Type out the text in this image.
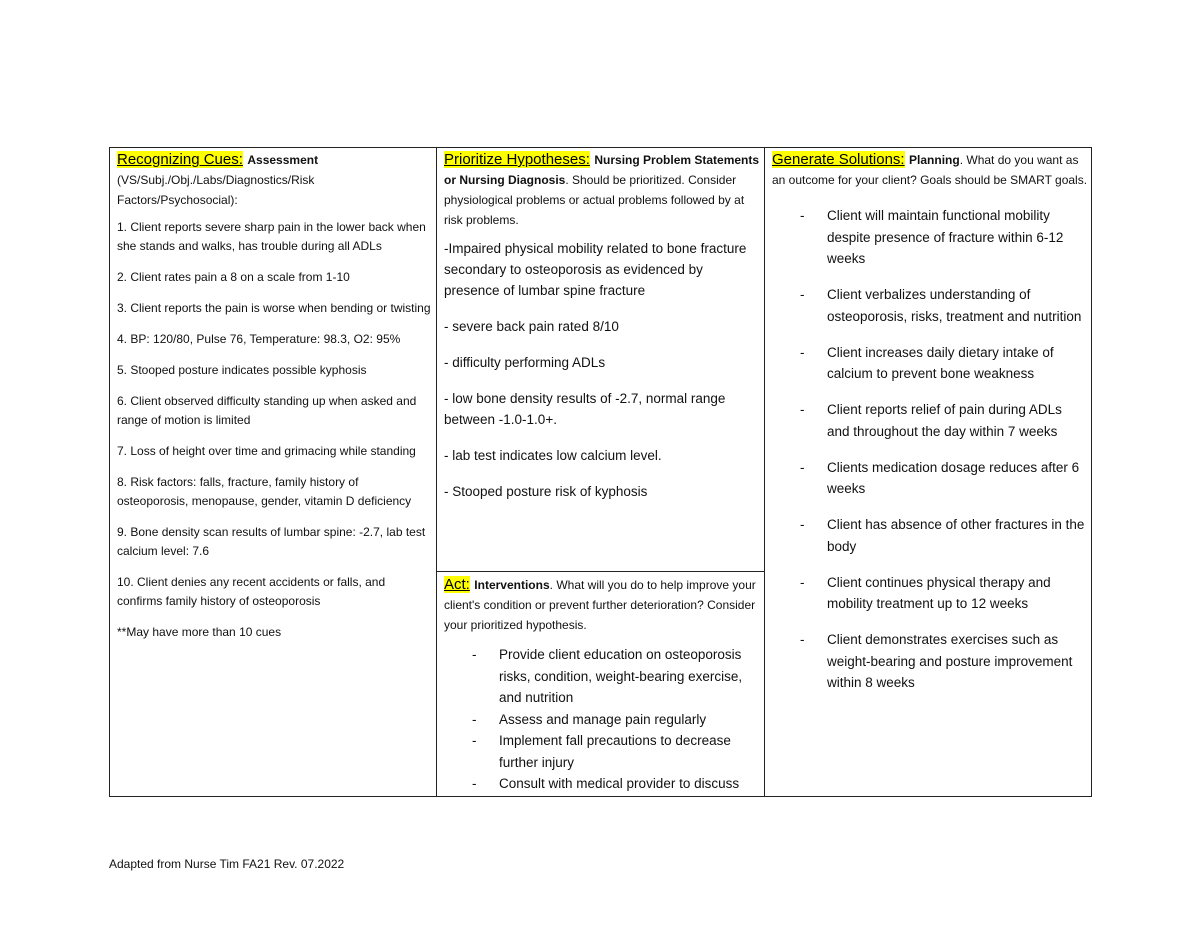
Recognizing Cues: Assessment
(VS/Subj./Obj./Labs/Diagnostics/Risk Factors/Psychosocial):

1. Client reports severe sharp pain in the lower back when she stands and walks, has trouble during all ADLs

2. Client rates pain a 8 on a scale from 1-10

3. Client reports the pain is worse when bending or twisting

4. BP: 120/80, Pulse 76, Temperature: 98.3, O2: 95%

5. Stooped posture indicates possible kyphosis

6. Client observed difficulty standing up when asked and range of motion is limited

7. Loss of height over time and grimacing while standing

8. Risk factors: falls, fracture, family history of osteoporosis, menopause, gender, vitamin D deficiency

9. Bone density scan results of lumbar spine: -2.7, lab test calcium level: 7.6

10. Client denies any recent accidents or falls, and confirms family history of osteoporosis

**May have more than 10 cues

Prioritize Hypotheses: Nursing Problem Statements or Nursing Diagnosis. Should be prioritized. Consider physiological problems or actual problems followed by at risk problems.

-Impaired physical mobility related to bone fracture secondary to osteoporosis as evidenced by presence of lumbar spine fracture

- severe back pain rated 8/10

- difficulty performing ADLs

- low bone density results of -2.7, normal range between -1.0-1.0+.

- lab test indicates low calcium level.

- Stooped posture risk of kyphosis

Act: Interventions. What will you do to help improve your client's condition or prevent further deterioration? Consider your prioritized hypothesis.
- Provide client education on osteoporosis risks, condition, weight-bearing exercise, and nutrition
- Assess and manage pain regularly
- Implement fall precautions to decrease further injury
- Consult with medical provider to discuss
Generate Solutions: Planning. What do you want as an outcome for your client? Goals should be SMART goals.
- Client will maintain functional mobility despite presence of fracture within 6-12 weeks
- Client verbalizes understanding of osteoporosis, risks, treatment and nutrition
- Client increases daily dietary intake of calcium to prevent bone weakness
- Client reports relief of pain during ADLs and throughout the day within 7 weeks
- Clients medication dosage reduces after 6 weeks
- Client has absence of other fractures in the body
- Client continues physical therapy and mobility treatment up to 12 weeks
- Client demonstrates exercises such as weight-bearing and posture improvement within 8 weeks
Adapted from Nurse Tim FA21 Rev. 07.2022
